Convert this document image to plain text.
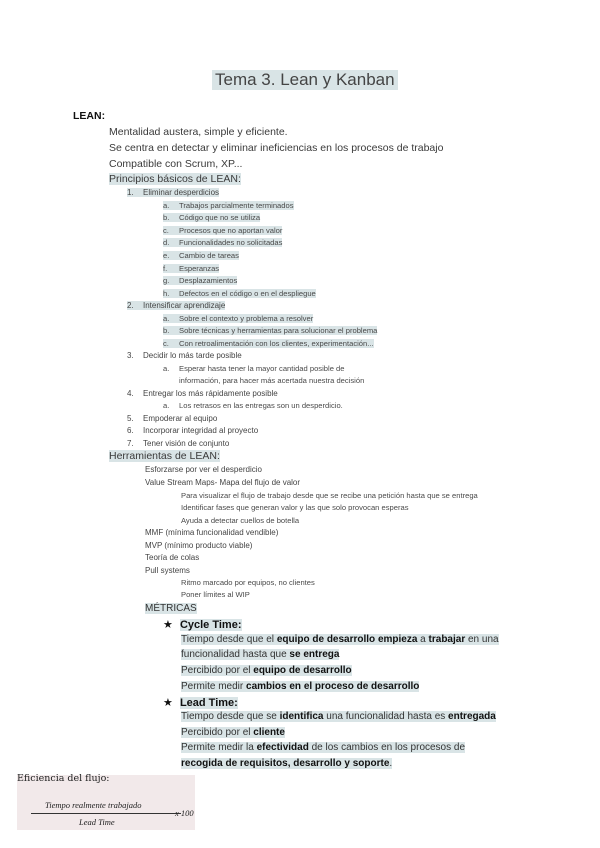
Tema 3. Lean y Kanban
LEAN:
Mentalidad austera, simple y eficiente.
Se centra en detectar y eliminar ineficiencias en los procesos de trabajo
Compatible con Scrum, XP...
Principios básicos de LEAN:
1. Eliminar desperdicios
a. Trabajos parcialmente terminados
b. Código que no se utiliza
c. Procesos que no aportan valor
d. Funcionalidades no solicitadas
e. Cambio de tareas
f. Esperanzas
g. Desplazamientos
h. Defectos en el código o en el despliegue
2. Intensificar aprendizaje
a. Sobre el contexto y problema a resolver
b. Sobre técnicas y herramientas para solucionar el problema
c. Con retroalimentación con los clientes, experimentación...
3. Decidir lo más tarde posible
a. Esperar hasta tener la mayor cantidad posible de
información, para hacer más acertada nuestra decisión
4. Entregar los más rápidamente posible
a. Los retrasos en las entregas son un desperdicio.
5. Empoderar al equipo
6. Incorporar integridad al proyecto
7. Tener visión de conjunto
Herramientas de LEAN:
Esforzarse por ver el desperdicio
Value Stream Maps- Mapa del flujo de valor
Para visualizar el flujo de trabajo desde que se recibe una petición hasta que se entrega
Identificar fases que generan valor y las que solo provocan esperas
Ayuda a detectar cuellos de botella
MMF (mínima funcionalidad vendible)
MVP (mínimo producto viable)
Teoría de colas
Pull systems
Ritmo marcado por equipos, no clientes
Poner límites al WIP
MÉTRICAS
★ Cycle Time:
Tiempo desde que el equipo de desarrollo empieza a trabajar en una
funcionalidad hasta que se entrega
Percibido por el equipo de desarrollo
Permite medir cambios en el proceso de desarrollo
★ Lead Time:
Tiempo desde que se identifica una funcionalidad hasta es entregada
Percibido por el cliente
Permite medir la efectividad de los cambios en los procesos de
recogida de requisitos, desarrollo y soporte.
Eficiencia del flujo:
Tiempo realmente trabajado
Lead Time
x 100
